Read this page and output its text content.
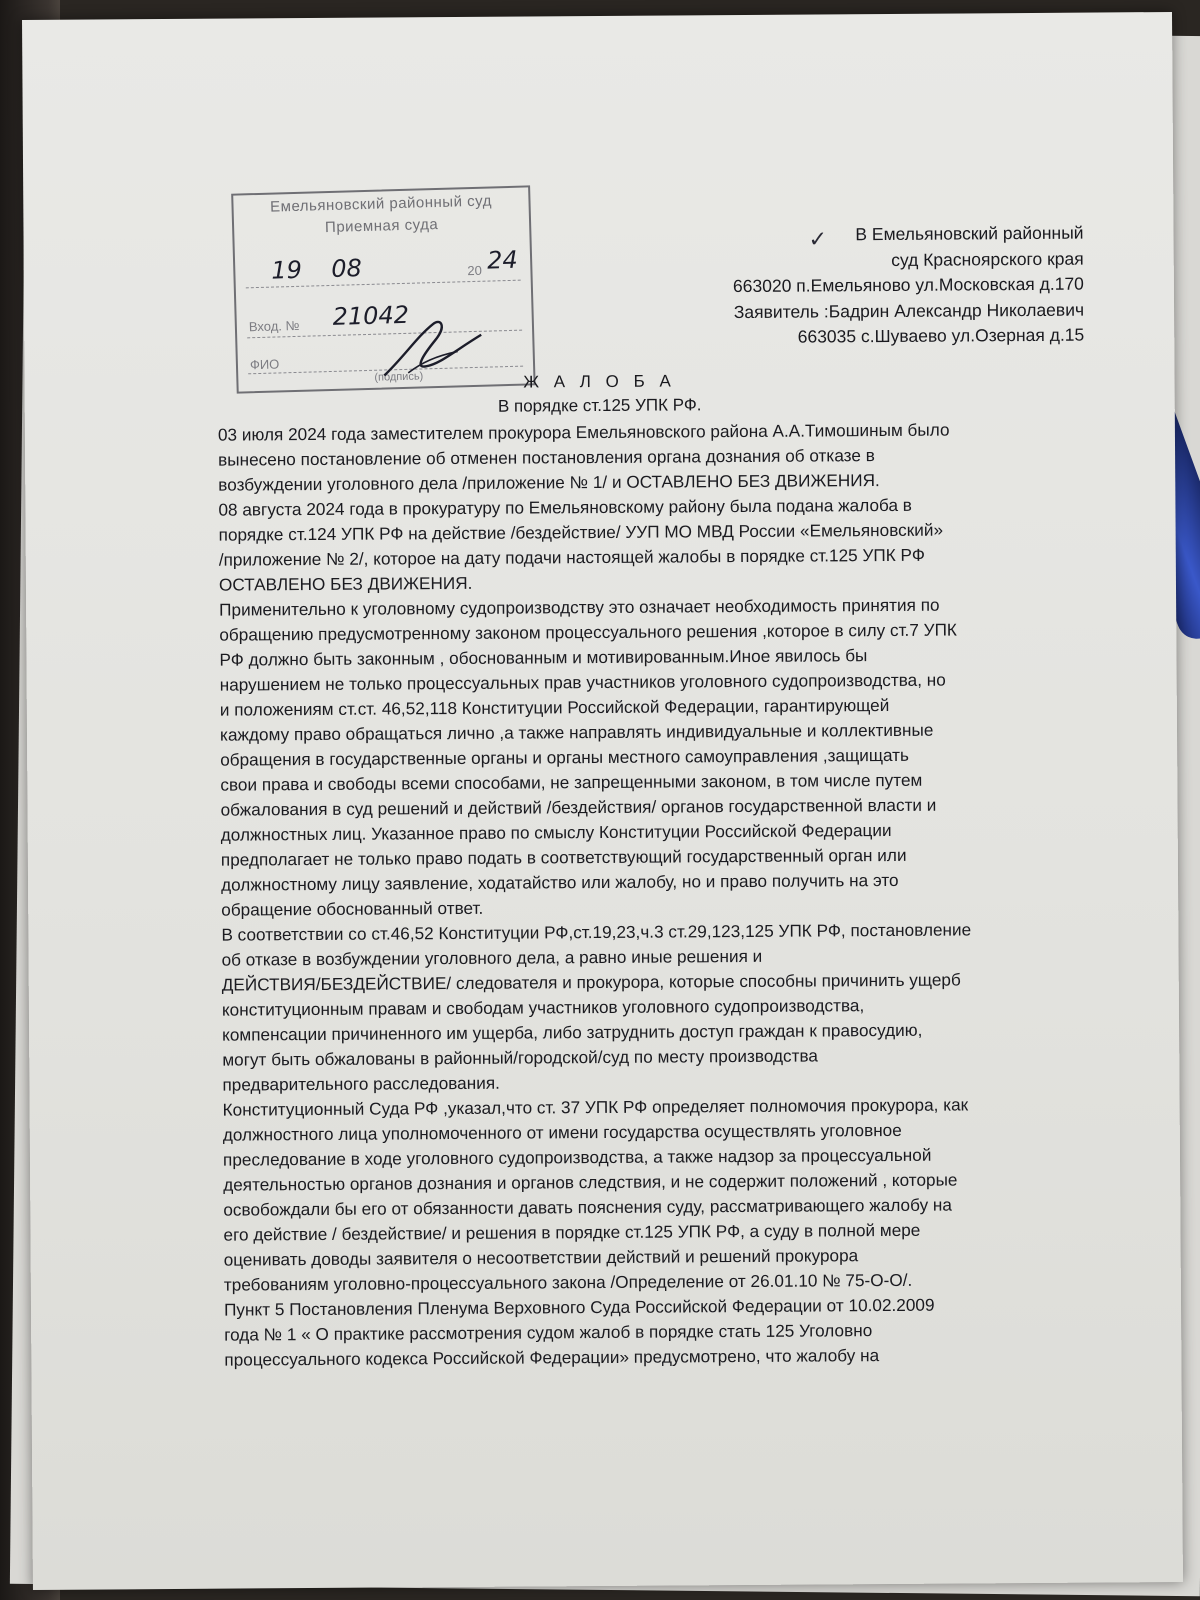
Емельяновский районный суд
Приемная суда
19 08	20 24
Вход. № 21042
ФИО
(подпись)
✓	В Емельяновский районный
суд Красноярского края
663020 п.Емельяново ул.Московская д.170
Заявитель :Бадрин Александр Николаевич
663035 с.Шуваево ул.Озерная д.15
Ж А Л О Б А
В порядке ст.125 УПК РФ.
03 июля 2024 года заместителем прокурора Емельяновского района А.А.Тимошиным было
вынесено постановление об отменен постановления органа дознания об отказе в
возбуждении уголовного дела /приложение № 1/ и ОСТАВЛЕНО БЕЗ ДВИЖЕНИЯ.
08 августа 2024 года в прокуратуру по Емельяновскому району была подана жалоба в
порядке ст.124 УПК РФ на действие /бездействие/ УУП МО МВД России «Емельяновский»
/приложение № 2/, которое на дату подачи настоящей жалобы в порядке ст.125 УПК РФ
ОСТАВЛЕНО БЕЗ ДВИЖЕНИЯ.
Применительно к уголовному судопроизводству это означает необходимость принятия по
обращению предусмотренному законом процессуального решения ,которое в силу ст.7 УПК
РФ должно быть законным , обоснованным и мотивированным.Иное явилось бы
нарушением не только процессуальных прав участников уголовного судопроизводства, но
и положениям ст.ст. 46,52,118 Конституции Российской Федерации, гарантирующей
каждому право обращаться лично ,а также направлять индивидуальные и коллективные
обращения в государственные органы и органы местного самоуправления ,защищать
свои права и свободы всеми способами, не запрещенными законом, в том числе путем
обжалования в суд решений и действий /бездействия/ органов государственной власти и
должностных лиц. Указанное право по смыслу Конституции Российской Федерации
предполагает не только право подать в соответствующий государственный орган или
должностному лицу заявление, ходатайство или жалобу, но и право получить на это
обращение обоснованный ответ.
В соответствии со ст.46,52 Конституции РФ,ст.19,23,ч.3 ст.29,123,125 УПК РФ, постановление
об отказе в возбуждении уголовного дела, а равно иные решения и
ДЕЙСТВИЯ/БЕЗДЕЙСТВИЕ/ следователя и прокурора, которые способны причинить ущерб
конституционным правам и свободам участников уголовного судопроизводства,
компенсации причиненного им ущерба, либо затруднить доступ граждан к правосудию,
могут быть обжалованы в районный/городской/суд по месту производства
предварительного расследования.
Конституционный Суда РФ ,указал,что ст. 37 УПК РФ определяет полномочия прокурора, как
должностного лица уполномоченного от имени государства осуществлять уголовное
преследование в ходе уголовного судопроизводства, а также надзор за процессуальной
деятельностью органов дознания и органов следствия, и не содержит положений , которые
освобождали бы его от обязанности давать пояснения суду, рассматривающего жалобу на
его действие / бездействие/ и решения в порядке ст.125 УПК РФ, а суду в полной мере
оценивать доводы заявителя о несоответствии действий и решений прокурора
требованиям уголовно-процессуального закона /Определение от 26.01.10 № 75-О-О/.
Пункт 5 Постановления Пленума Верховного Суда Российской Федерации от 10.02.2009
года № 1 « О практике рассмотрения судом жалоб в порядке стать 125 Уголовно
процессуального кодекса Российской Федерации» предусмотрено, что жалобу на
